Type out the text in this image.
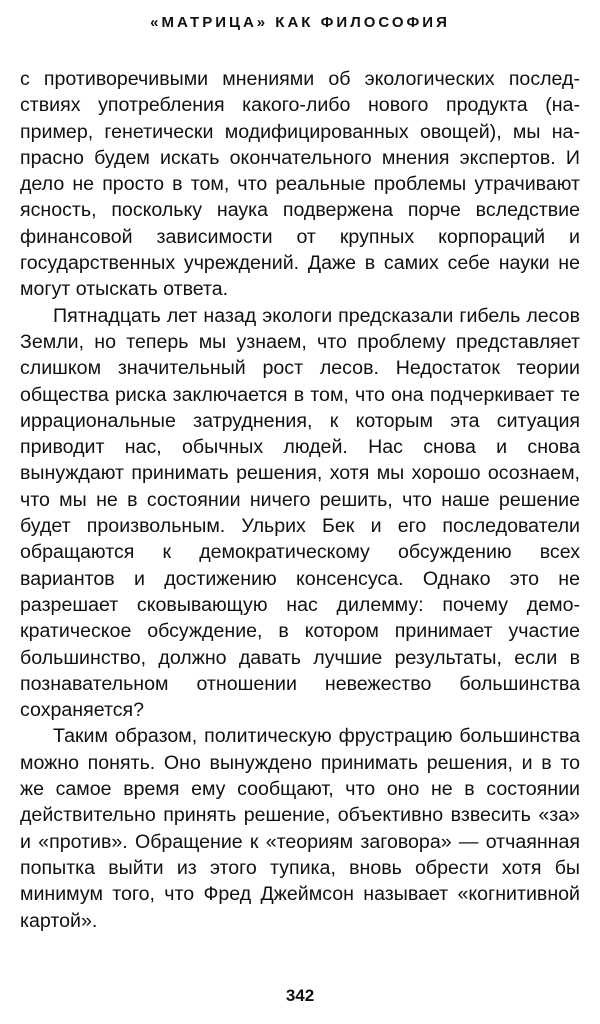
«МАТРИЦА» КАК ФИЛОСОФИЯ

с противоречивыми мнениями об экологических последствиях употребления какого-либо нового продукта (например, генетически модифицированных овощей), мы напрасно будем искать окончательного мнения экспертов. И дело не просто в том, что реальные проблемы утрачивают ясность, поскольку наука подвержена порче вследствие финансовой зависимости от крупных корпораций и государственных учреждений. Даже в самих себе науки не могут отыскать ответа.

Пятнадцать лет назад экологи предсказали гибель лесов Земли, но теперь мы узнаем, что проблему представляет слишком значительный рост лесов. Недостаток теории общества риска заключается в том, что она подчеркивает те иррациональные затруднения, к которым эта ситуация приводит нас, обычных людей. Нас снова и снова вынуждают принимать решения, хотя мы хорошо осознаем, что мы не в состоянии ничего решить, что наше решение будет произвольным. Ульрих Бек и его последователи обращаются к демократическому обсуждению всех вариантов и достижению консенсуса. Однако это не разрешает сковывающую нас дилемму: почему демократическое обсуждение, в котором принимает участие большинство, должно давать лучшие результаты, если в познавательном отношении невежество большинства сохраняется?

Таким образом, политическую фрустрацию большинства можно понять. Оно вынуждено принимать решения, и в то же самое время ему сообщают, что оно не в состоянии действительно принять решение, объективно взвесить «за» и «против». Обращение к «теориям заговора» — отчаянная попытка выйти из этого тупика, вновь обрести хотя бы минимум того, что Фред Джеймсон называет «когнитивной картой».

342
